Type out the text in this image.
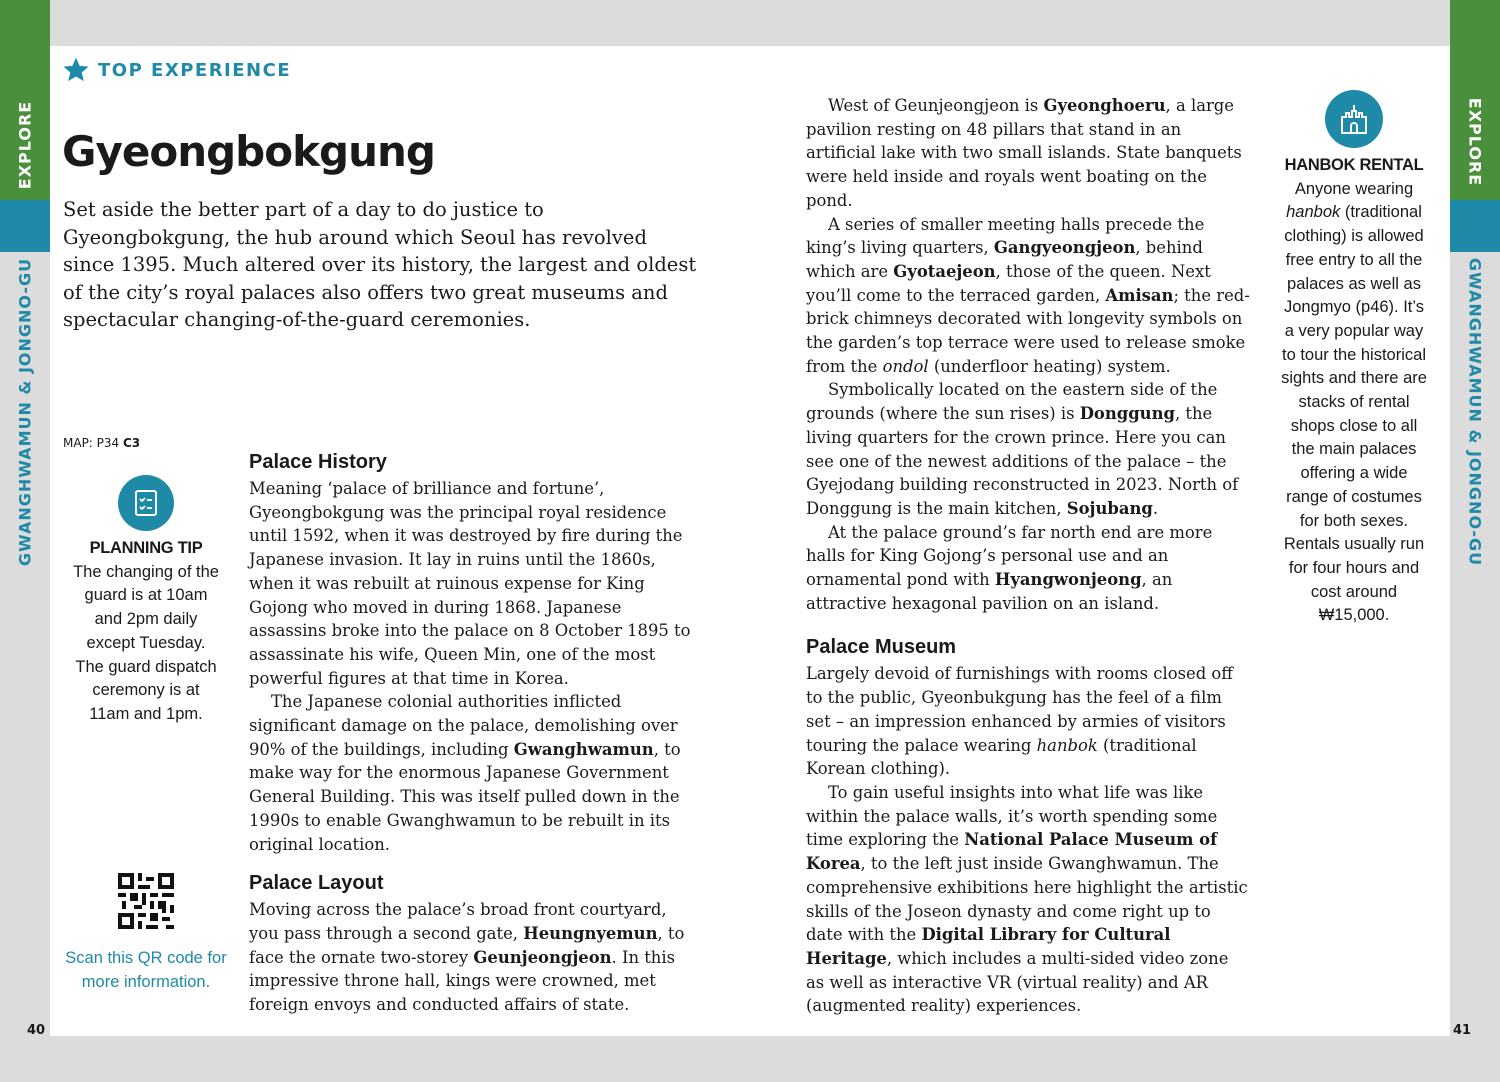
EXPLORE
GWANGHWAMUN & JONGNO-GU
EXPLORE
GWANGHWAMUN & JONGNO-GU
40	41
TOP EXPERIENCE
Gyeongbokgung

Set aside the better part of a day to do justice to Gyeongbokgung, the hub around which Seoul has revolved since 1395. Much altered over its history, the largest and oldest of the city’s royal palaces also offers two great museums and spectacular changing-of-the-guard ceremonies.

MAP: P34 C3
PLANNING TIP
The changing of the guard is at 10am and 2pm daily except Tuesday. The guard dispatch ceremony is at 11am and 1pm.
Scan this QR code for more information.
HANBOK RENTAL
Anyone wearing hanbok (traditional clothing) is allowed free entry to all the palaces as well as Jongmyo (p46). It’s a very popular way to tour the historical sights and there are stacks of rental shops close to all the main palaces offering a wide range of costumes for both sexes. Rentals usually run for four hours and cost around ₩15,000.
Palace History

Meaning ‘palace of brilliance and fortune’, Gyeongbokgung was the principal royal residence until 1592, when it was destroyed by fire during the Japanese invasion. It lay in ruins until the 1860s, when it was rebuilt at ruinous expense for King Gojong who moved in during 1868. Japanese assassins broke into the palace on 8 October 1895 to assassinate his wife, Queen Min, one of the most powerful figures at that time in Korea.

The Japanese colonial authorities inflicted significant damage on the palace, demolishing over 90% of the buildings, including Gwanghwamun, to make way for the enormous Japanese Government General Building. This was itself pulled down in the 1990s to enable Gwanghwamun to be rebuilt in its original location.

Palace Layout

Moving across the palace’s broad front courtyard, you pass through a second gate, Heungnyemun, to face the ornate two-storey Geunjeongjeon. In this impressive throne hall, kings were crowned, met foreign envoys and conducted affairs of state.

West of Geunjeongjeon is Gyeonghoeru, a large pavilion resting on 48 pillars that stand in an artificial lake with two small islands. State banquets were held inside and royals went boating on the pond.

A series of smaller meeting halls precede the king’s living quarters, Gangyeongjeon, behind which are Gyotaejeon, those of the queen. Next you’ll come to the terraced garden, Amisan; the red-brick chimneys decorated with longevity symbols on the garden’s top terrace were used to release smoke from the ondol (underfloor heating) system.

Symbolically located on the eastern side of the grounds (where the sun rises) is Donggung, the living quarters for the crown prince. Here you can see one of the newest additions of the palace – the Gyejodang building reconstructed in 2023. North of Donggung is the main kitchen, Sojubang.

At the palace ground’s far north end are more halls for King Gojong’s personal use and an ornamental pond with Hyangwonjeong, an attractive hexagonal pavilion on an island.

Palace Museum

Largely devoid of furnishings with rooms closed off to the public, Gyeonbukgung has the feel of a film set – an impression enhanced by armies of visitors touring the palace wearing hanbok (traditional Korean clothing).

To gain useful insights into what life was like within the palace walls, it’s worth spending some time exploring the National Palace Museum of Korea, to the left just inside Gwanghwamun. The comprehensive exhibitions here highlight the artistic skills of the Joseon dynasty and come right up to date with the Digital Library for Cultural Heritage, which includes a multi-sided video zone as well as interactive VR (virtual reality) and AR (augmented reality) experiences.
